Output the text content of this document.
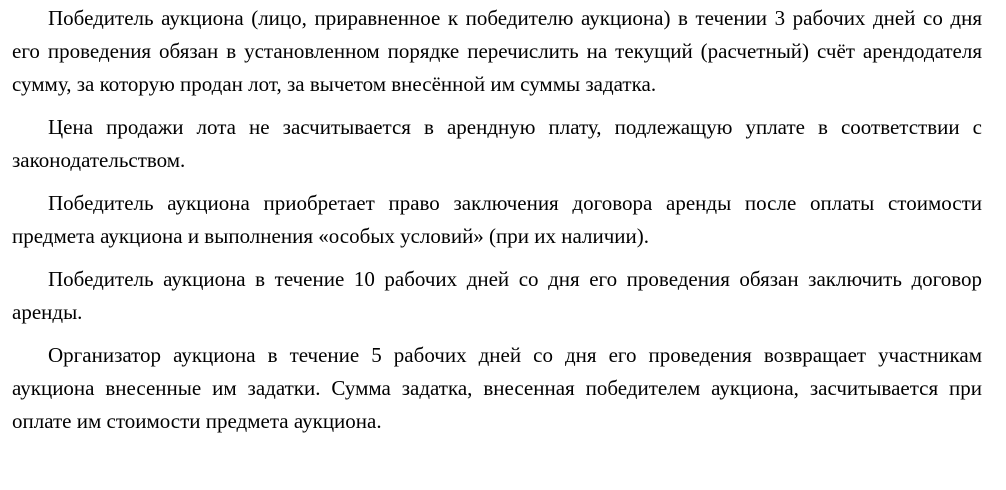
Победитель аукциона (лицо, приравненное к победителю аукциона) в течении 3 рабочих дней со дня его проведения обязан в установленном порядке перечислить на текущий (расчетный) счёт арендодателя сумму, за которую продан лот, за вычетом внесённой им суммы задатка.

Цена продажи лота не засчитывается в арендную плату, подлежащую уплате в соответствии с законодательством.

Победитель аукциона приобретает право заключения договора аренды после оплаты стоимости предмета аукциона и выполнения «особых условий» (при их наличии).

Победитель аукциона в течение 10 рабочих дней со дня его проведения обязан заключить договор аренды.

Организатор аукциона в течение 5 рабочих дней со дня его проведения возвращает участникам аукциона внесенные им задатки. Сумма задатка, внесенная победителем аукциона, засчитывается при оплате им стоимости предмета аукциона.
